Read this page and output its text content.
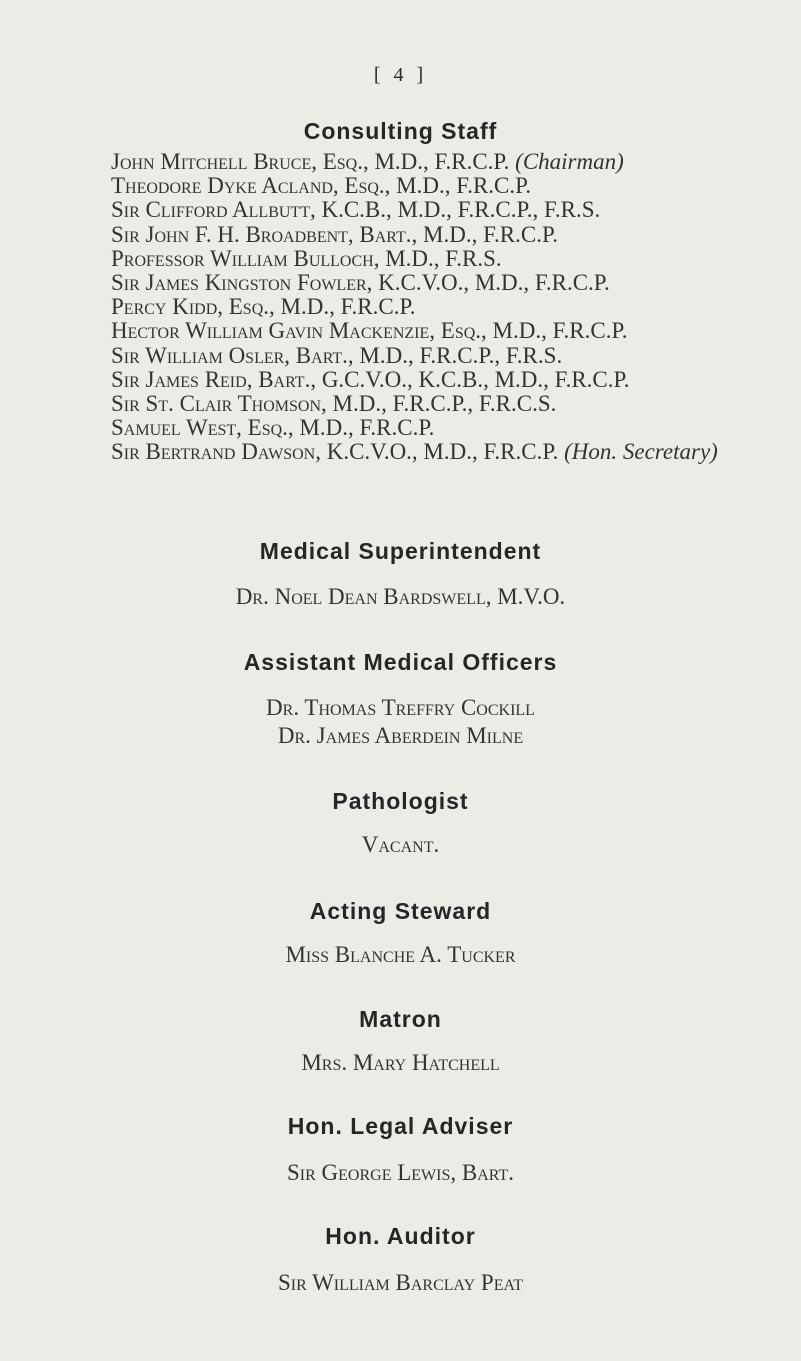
[ 4 ]
Consulting Staff
John Mitchell Bruce, Esq., M.D., F.R.C.P. (Chairman)
Theodore Dyke Acland, Esq., M.D., F.R.C.P.
Sir Clifford Allbutt, K.C.B., M.D., F.R.C.P., F.R.S.
Sir John F. H. Broadbent, Bart., M.D., F.R.C.P.
Professor William Bulloch, M.D., F.R.S.
Sir James Kingston Fowler, K.C.V.O., M.D., F.R.C.P.
Percy Kidd, Esq., M.D., F.R.C.P.
Hector William Gavin Mackenzie, Esq., M.D., F.R.C.P.
Sir William Osler, Bart., M.D., F.R.C.P., F.R.S.
Sir James Reid, Bart., G.C.V.O., K.C.B., M.D., F.R.C.P.
Sir St. Clair Thomson, M.D., F.R.C.P., F.R.C.S.
Samuel West, Esq., M.D., F.R.C.P.
Sir Bertrand Dawson, K.C.V.O., M.D., F.R.C.P. (Hon. Secretary)
Medical Superintendent
Dr. Noel Dean Bardswell, M.V.O.
Assistant Medical Officers
Dr. Thomas Treffry Cockill
Dr. James Aberdein Milne
Pathologist
Vacant.
Acting Steward
Miss Blanche A. Tucker
Matron
Mrs. Mary Hatchell
Hon. Legal Adviser
Sir George Lewis, Bart.
Hon. Auditor
Sir William Barclay Peat
